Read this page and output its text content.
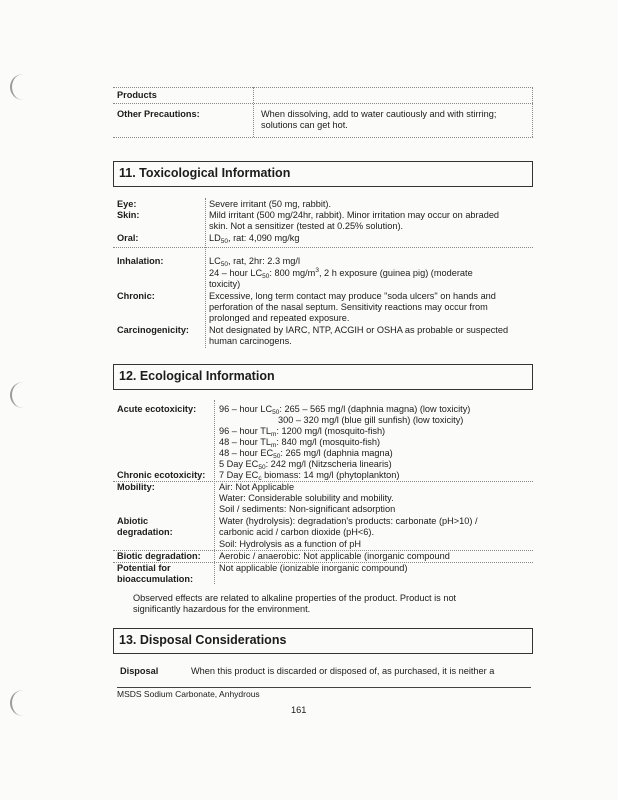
Products
Other Precautions:	When dissolving, add to water cautiously and with stirring;
solutions can get hot.
11. Toxicological Information
Eye:	Severe irritant (50 mg, rabbit).
Skin:	Mild irritant (500 mg/24hr, rabbit). Minor irritation may occur on abraded
skin. Not a sensitizer (tested at 0.25% solution).
Oral:	$LD_{50}$, rat: 4,090 mg/kg
Inhalation:	$LC_{50}$, rat, 2hr: 2.3 mg/l
24 – hour $LC_{50}$: 800 $mg/m^3$, 2 h exposure (guinea pig) (moderate
toxicity)
Chronic:	Excessive, long term contact may produce "soda ulcers" on hands and
perforation of the nasal septum. Sensitivity reactions may occur from
prolonged and repeated exposure.
Carcinogenicity: Not designated by IARC, NTP, ACGIH or OSHA as probable or suspected
human carcinogens.
12. Ecological Information
Acute ecotoxicity: 96 – hour $LC_{50}$: 265 – 565 mg/l (daphnia magna) (low toxicity)
300 – 320 mg/l (blue gill sunfish) (low toxicity)
96 – hour $TL_m$: 1200 mg/l (mosquito-fish)
48 – hour $TL_m$: 840 mg/l (mosquito-fish)
48 – hour $EC_{50}$: 265 mg/l (daphnia magna)
5 Day $EC_{50}$: 242 mg/l (Nitzscheria linearis)
Chronic ecotoxicity: 7 Day $EC_c$ biomass: 14 mg/l (phytoplankton)
Mobility:	Air: Not Applicable
Water: Considerable solubility and mobility.
Soil / sediments: Non-significant adsorption
Abiotic
degradation:
Water (hydrolysis): degradation's products: carbonate (pH>10) /
carbonic acid / carbon dioxide (pH<6).
Soil: Hydrolysis as a function of pH
Biotic degradation: Aerobic / anaerobic: Not applicable (inorganic compound
Potential for
bioaccumulation:
Not applicable (ionizable inorganic compound)
Observed effects are related to alkaline properties of the product. Product is not
significantly hazardous for the environment.
13. Disposal Considerations
Disposal	When this product is discarded or disposed of, as purchased, it is neither a
MSDS Sodium Carbonate, Anhydrous
161
